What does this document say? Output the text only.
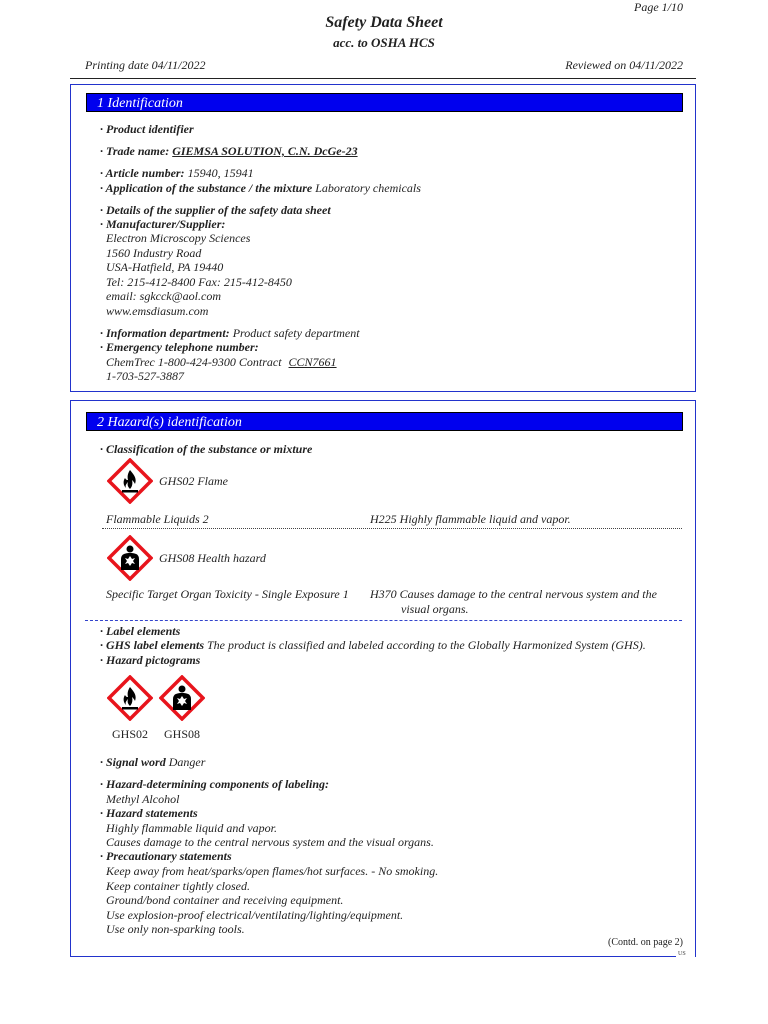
Page 1/10
Safety Data Sheet
acc. to OSHA HCS
Printing date 04/11/2022	Reviewed on 04/11/2022
1 Identification
· Product identifier
· Trade name: GIEMSA SOLUTION, C.N. DcGe-23
· Article number: 15940, 15941
· Application of the substance / the mixture Laboratory chemicals
· Details of the supplier of the safety data sheet
· Manufacturer/Supplier:
Electron Microscopy Sciences
1560 Industry Road
USA-Hatfield, PA 19440
Tel: 215-412-8400 Fax: 215-412-8450
email: sgkcck@aol.com
www.emsdiasum.com
· Information department: Product safety department
· Emergency telephone number:
ChemTrec 1-800-424-9300 Contract CCN7661
1-703-527-3887
2 Hazard(s) identification
· Classification of the substance or mixture
GHS02 Flame
Flammable Liquids 2	H225 Highly flammable liquid and vapor.
GHS08 Health hazard
Specific Target Organ Toxicity - Single Exposure 1 H370 Causes damage to the central nervous system and the
visual organs.
· Label elements
· GHS label elements The product is classified and labeled according to the Globally Harmonized System (GHS).
· Hazard pictograms
GHS02 GHS08
· Signal word Danger
· Hazard-determining components of labeling:
Methyl Alcohol
· Hazard statements
Highly flammable liquid and vapor.
Causes damage to the central nervous system and the visual organs.
· Precautionary statements
Keep away from heat/sparks/open flames/hot surfaces. - No smoking.
Keep container tightly closed.
Ground/bond container and receiving equipment.
Use explosion-proof electrical/ventilating/lighting/equipment.
Use only non-sparking tools.
(Contd. on page 2)
US
